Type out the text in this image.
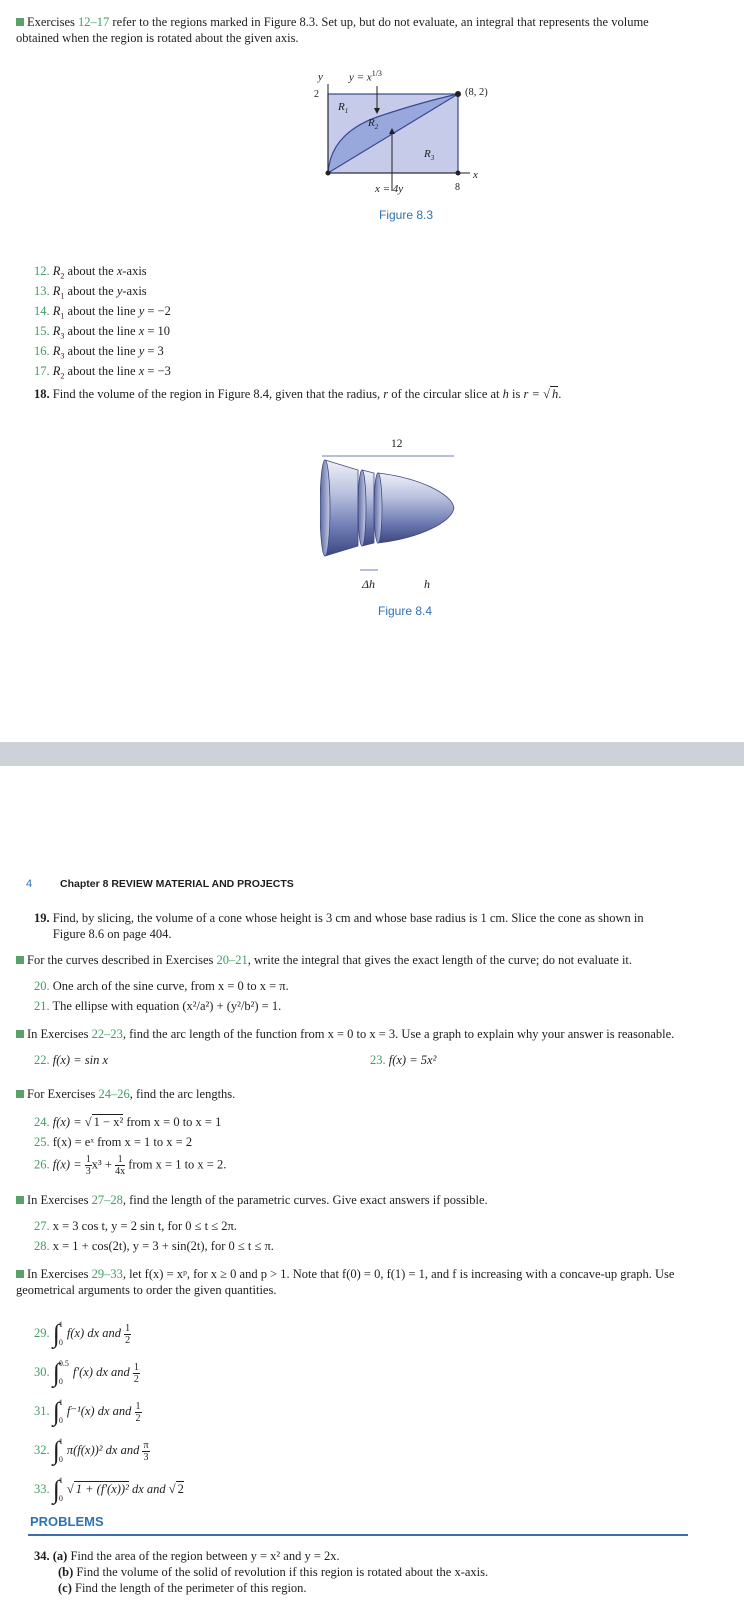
Exercises 12–17 refer to the regions marked in Figure 8.3. Set up, but do not evaluate, an integral that represents the volume obtained when the region is rotated about the given axis.
y $y = x^{1/3}$
2	(8, 2)
8
x
x = 4y
$R_1$
$R_2$
$R_3$
Figure 8.3
12. $R_2$ about the x-axis
13. $R_1$ about the y-axis
14. $R_1$ about the line y = −2
15. $R_3$ about the line x = 10
16. $R_3$ about the line y = 3
17. $R_2$ about the line x = −3
18. Find the volume of the region in Figure 8.4, given that the radius, r of the circular slice at h is r = √ h.
12
Δh	h
Figure 8.4
4	Chapter 8 REVIEW MATERIAL AND PROJECTS
19. Find, by slicing, the volume of a cone whose height is 3 cm and whose base radius is 1 cm. Slice the cone as shown in Figure 8.6 on page 404.
For the curves described in Exercises 20–21, write the integral that gives the exact length of the curve; do not evaluate it.
20. One arch of the sine curve, from x = 0 to x = π.
21. The ellipse with equation (x²/a²) + (y²/b²) = 1.
In Exercises 22–23, find the arc length of the function from x = 0 to x = 3. Use a graph to explain why your answer is reasonable.
22. f(x) = sin x	23. f(x) = 5x²
For Exercises 24–26, find the arc lengths.
24. f(x) = √ 1 − x² from x = 0 to x = 1
25. f(x) = eˣ from x = 1 to x = 2
26. $f(x) = \frac{1}{3} x^3 + \frac{1}{4x}$ from x = 1 to x = 2.
In Exercises 27–28, find the length of the parametric curves. Give exact answers if possible.
27. x = 3 cos t, y = 2 sin t, for 0 ≤ t ≤ 2π.
28. x = 1 + cos(2t), y = 3 + sin(2t), for 0 ≤ t ≤ π.
In Exercises 29–33, let f(x) = xᵖ, for x ≥ 0 and p > 1. Note that f(0) = 0, f(1) = 1, and f is increasing with a concave-up graph. Use geometrical arguments to order the given quantities.
29. ∫ 1
0
f(x) dx and $\frac{1}{2}$
30. ∫ 0.5
0
f′(x) dx and $\frac{1}{2}$
31. ∫ 1
0
f⁻¹(x) dx and $\frac{1}{2}$
32. ∫ 1
0
π(f(x))² dx and $\frac{\pi}{3}$
33. ∫ 1
0
√ 1 + (f′(x))² dx and √ 2
PROBLEMS
34. (a) Find the area of the region between y = x² and y = 2x.
(b) Find the volume of the solid of revolution if this region is rotated about the x-axis.
(c) Find the length of the perimeter of this region.
